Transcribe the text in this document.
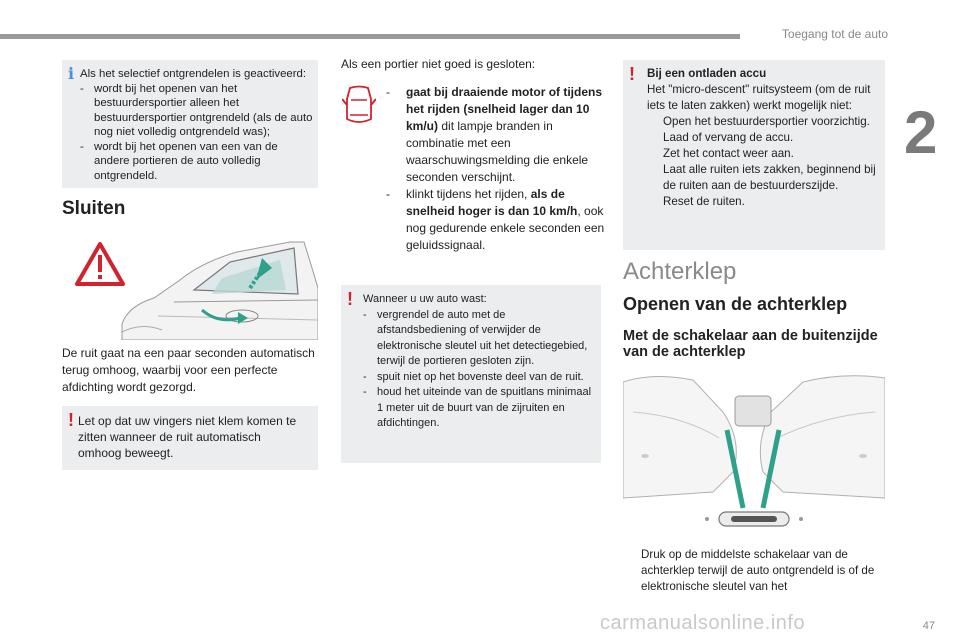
Toegang tot de auto
2
i Als het selectief ontgrendelen is geactiveerd:
- wordt bij het openen van het bestuurdersportier alleen het bestuurdersportier ontgrendeld (als de auto nog niet volledig ontgrendeld was);
- wordt bij het openen van een van de andere portieren de auto volledig ontgrendeld.
Sluiten
De ruit gaat na een paar seconden automatisch terug omhoog, waarbij voor een perfecte afdichting wordt gezorgd.
! Let op dat uw vingers niet klem komen te zitten wanneer de ruit automatisch omhoog beweegt.
Als een portier niet goed is gesloten:
- gaat bij draaiende motor of tijdens het rijden (snelheid lager dan 10 km/u) dit lampje branden in combinatie met een waarschuwingsmelding die enkele seconden verschijnt.
- klinkt tijdens het rijden, als de snelheid hoger is dan 10 km/h, ook nog gedurende enkele seconden een geluidssignaal.
! Wanneer u uw auto wast:
- vergrendel de auto met de afstandsbediening of verwijder de elektronische sleutel uit het detectiegebied, terwijl de portieren gesloten zijn.
- spuit niet op het bovenste deel van de ruit.
- houd het uiteinde van de spuitlans minimaal 1 meter uit de buurt van de zijruiten en afdichtingen.
!	Bij een ontladen accu
Het "micro-descent" ruitsysteem (om de ruit iets te laten zakken) werkt mogelijk niet:
Open het bestuurdersportier voorzichtig.
Laad of vervang de accu.
Zet het contact weer aan.
Laat alle ruiten iets zakken, beginnend bij de ruiten aan de bestuurderszijde.
Reset de ruiten.
Achterklep
Openen van de achterklep
Met de schakelaar aan de buitenzijde van de achterklep
Druk op de middelste schakelaar van de achterklep terwijl de auto ontgrendeld is of de elektronische sleutel van het
carmanualsonline.info	47
